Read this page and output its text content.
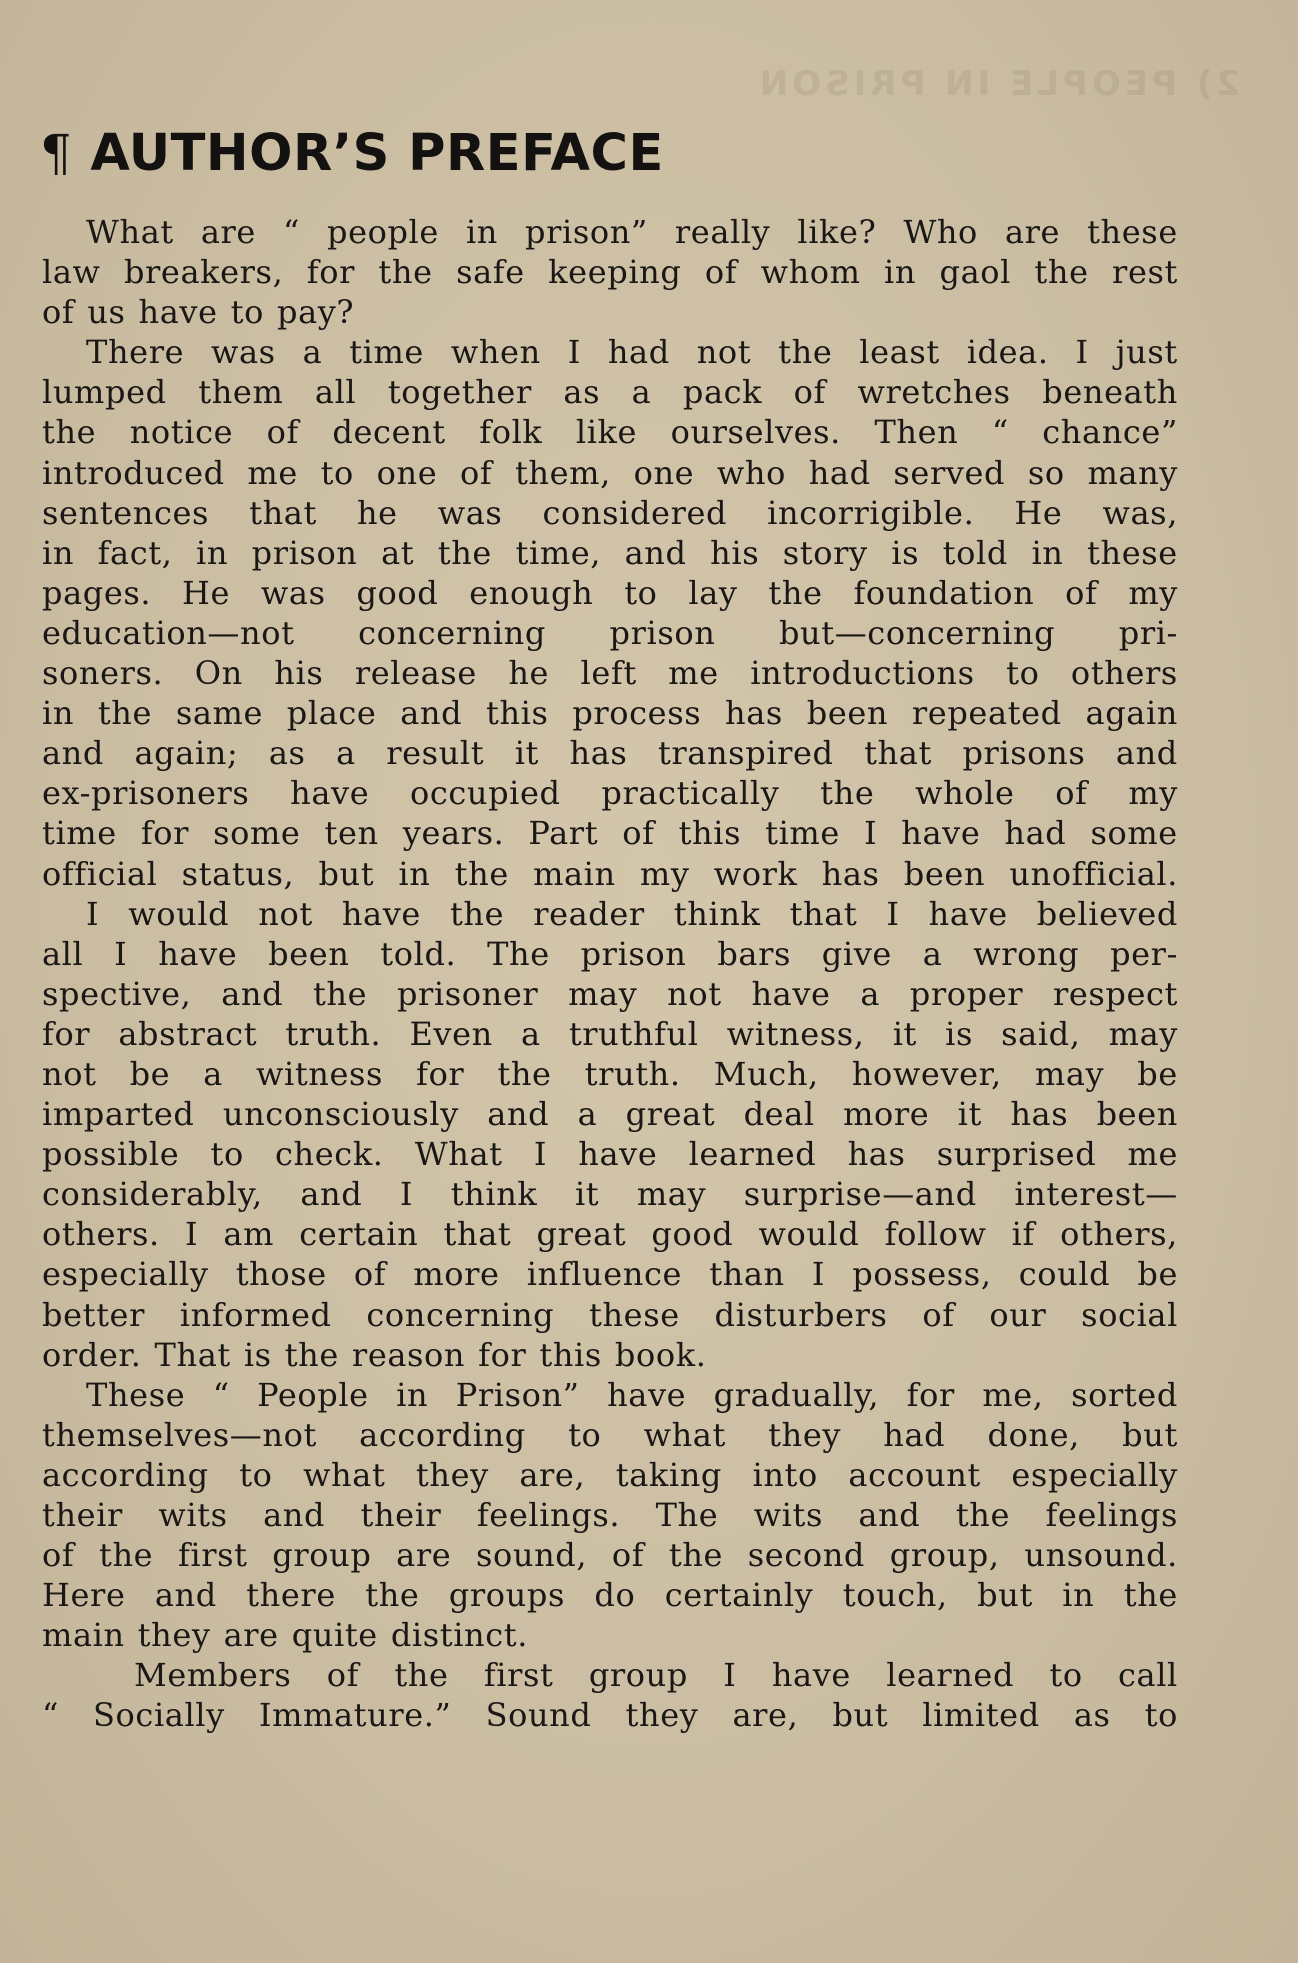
2) PEOPLE IN PRISON
¶ AUTHOR’S PREFACE
What are “ people in prison” really like? Who are these
law breakers, for the safe keeping of whom in gaol the rest
of us have to pay?
There was a time when I had not the least idea. I just
lumped them all together as a pack of wretches beneath
the notice of decent folk like ourselves. Then “ chance”
introduced me to one of them, one who had served so many
sentences that he was considered incorrigible. He was,
in fact, in prison at the time, and his story is told in these
pages. He was good enough to lay the foundation of my
education—not concerning prison but—concerning pri-
soners. On his release he left me introductions to others
in the same place and this process has been repeated again
and again; as a result it has transpired that prisons and
ex-prisoners have occupied practically the whole of my
time for some ten years. Part of this time I have had some
official status, but in the main my work has been unofficial.
I would not have the reader think that I have believed
all I have been told. The prison bars give a wrong per-
spective, and the prisoner may not have a proper respect
for abstract truth. Even a truthful witness, it is said, may
not be a witness for the truth. Much, however, may be
imparted unconsciously and a great deal more it has been
possible to check. What I have learned has surprised me
considerably, and I think it may surprise—and interest—
others. I am certain that great good would follow if others,
especially those of more influence than I possess, could be
better informed concerning these disturbers of our social
order. That is the reason for this book.
These “ People in Prison” have gradually, for me, sorted
themselves—not according to what they had done, but
according to what they are, taking into account especially
their wits and their feelings. The wits and the feelings
of the first group are sound, of the second group, unsound.
Here and there the groups do certainly touch, but in the
main they are quite distinct.
Members of the first group I have learned to call
“ Socially Immature.” Sound they are, but limited as to
